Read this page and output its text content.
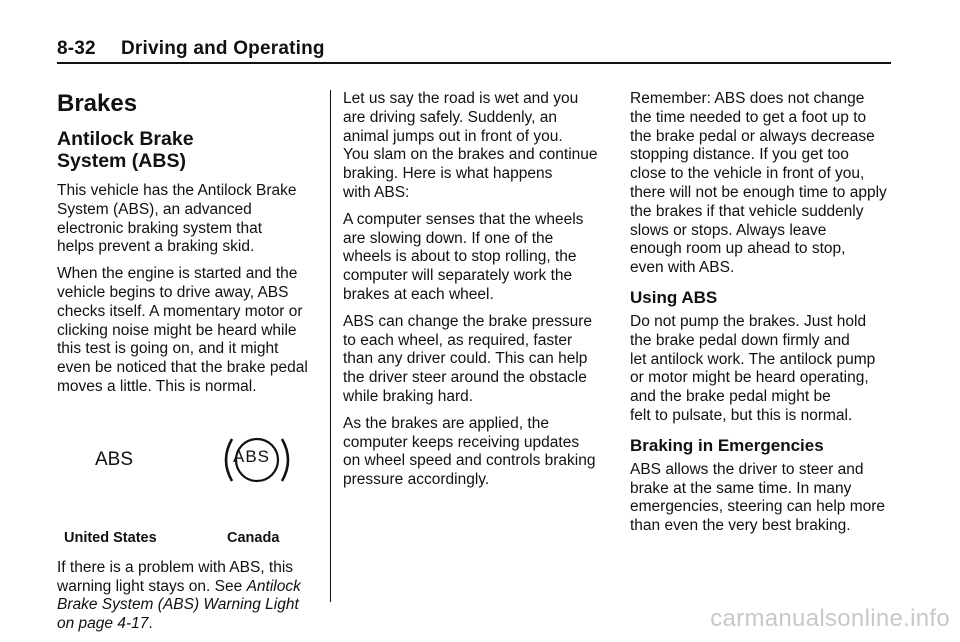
8-32 Driving and Operating
Brakes
Antilock Brake
System (ABS)

This vehicle has the Antilock Brake
System (ABS), an advanced
electronic braking system that
helps prevent a braking skid.

When the engine is started and the
vehicle begins to drive away, ABS
checks itself. A momentary motor or
clicking noise might be heard while
this test is going on, and it might
even be noticed that the brake pedal
moves a little. This is normal.

ABS	ABS
United States	Canada

If there is a problem with ABS, this
warning light stays on. See Antilock
Brake System (ABS) Warning Light
on page 4‑17.

Let us say the road is wet and you
are driving safely. Suddenly, an
animal jumps out in front of you.
You slam on the brakes and continue
braking. Here is what happens
with ABS:

A computer senses that the wheels
are slowing down. If one of the
wheels is about to stop rolling, the
computer will separately work the
brakes at each wheel.

ABS can change the brake pressure
to each wheel, as required, faster
than any driver could. This can help
the driver steer around the obstacle
while braking hard.

As the brakes are applied, the
computer keeps receiving updates
on wheel speed and controls braking
pressure accordingly.

Remember: ABS does not change
the time needed to get a foot up to
the brake pedal or always decrease
stopping distance. If you get too
close to the vehicle in front of you,
there will not be enough time to apply
the brakes if that vehicle suddenly
slows or stops. Always leave
enough room up ahead to stop,
even with ABS.

Using ABS

Do not pump the brakes. Just hold
the brake pedal down firmly and
let antilock work. The antilock pump
or motor might be heard operating,
and the brake pedal might be
felt to pulsate, but this is normal.

Braking in Emergencies

ABS allows the driver to steer and
brake at the same time. In many
emergencies, steering can help more
than even the very best braking.

carmanualsonline.info
